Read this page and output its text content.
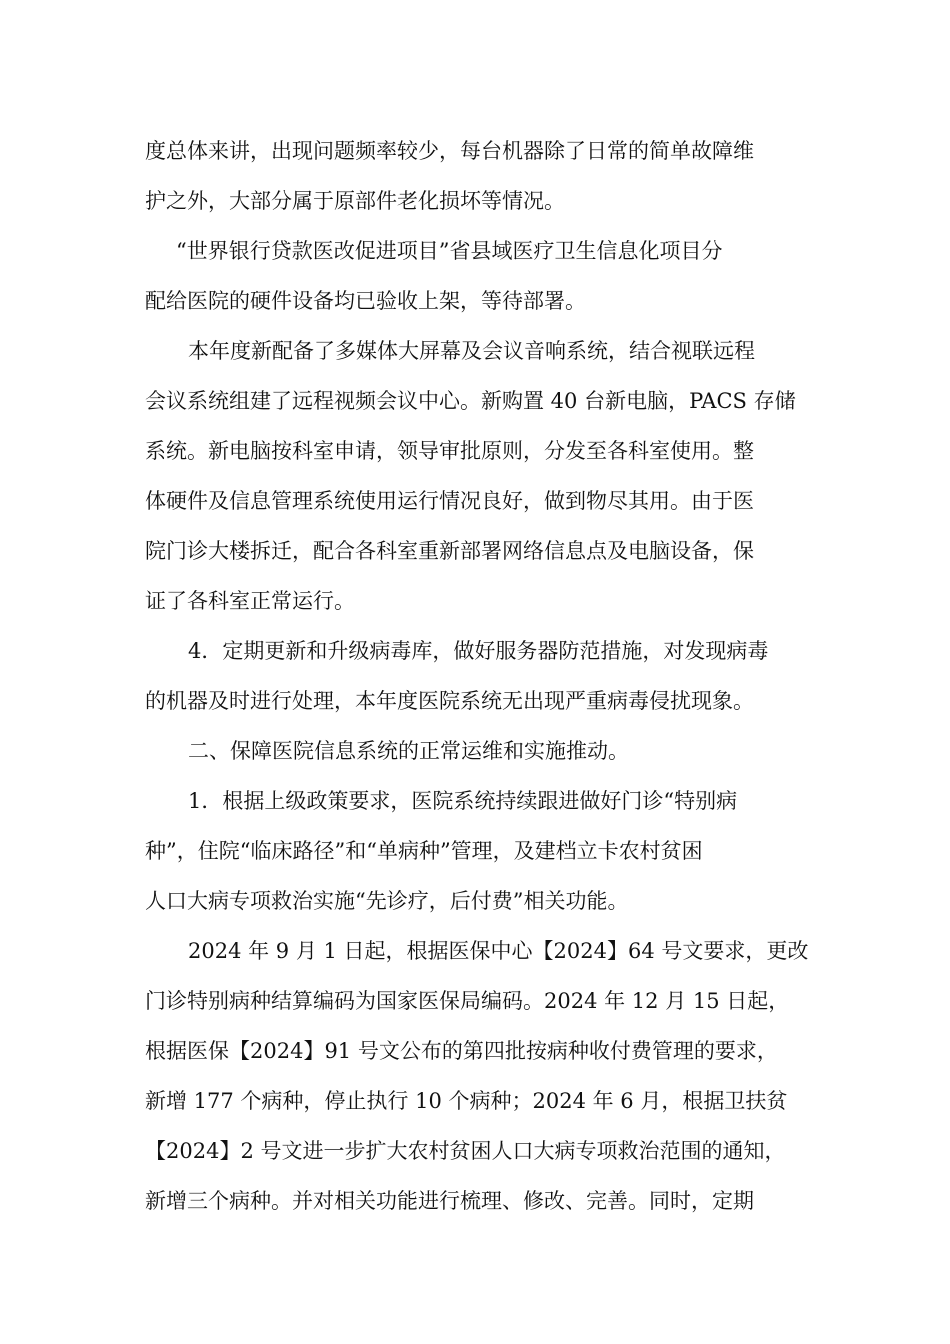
度总体来讲，出现问题频率较少，每台机器除了日常的简单故障维

护之外，大部分属于原部件老化损坏等情况。

“世界银行贷款医改促进项目”省县域医疗卫生信息化项目分

配给医院的硬件设备均已验收上架，等待部署。

本年度新配备了多媒体大屏幕及会议音响系统，结合视联远程

会议系统组建了远程视频会议中心。新购置 40 台新电脑，PACS 存储

系统。新电脑按科室申请，领导审批原则，分发至各科室使用。整

体硬件及信息管理系统使用运行情况良好，做到物尽其用。由于医

院门诊大楼拆迁，配合各科室重新部署网络信息点及电脑设备，保

证了各科室正常运行。

4．定期更新和升级病毒库，做好服务器防范措施，对发现病毒

的机器及时进行处理，本年度医院系统无出现严重病毒侵扰现象。

二、保障医院信息系统的正常运维和实施推动。

1．根据上级政策要求，医院系统持续跟进做好门诊“特别病

种”，住院“临床路径”和“单病种”管理，及建档立卡农村贫困

人口大病专项救治实施“先诊疗，后付费”相关功能。

2024 年 9 月 1 日起，根据医保中心【2024】64 号文要求，更改

门诊特别病种结算编码为国家医保局编码。2024 年 12 月 15 日起，

根据医保【2024】91 号文公布的第四批按病种收付费管理的要求，

新增 177 个病种，停止执行 10 个病种；2024 年 6 月，根据卫扶贫

【2024】2 号文进一步扩大农村贫困人口大病专项救治范围的通知，

新增三个病种。并对相关功能进行梳理、修改、完善。同时，定期
